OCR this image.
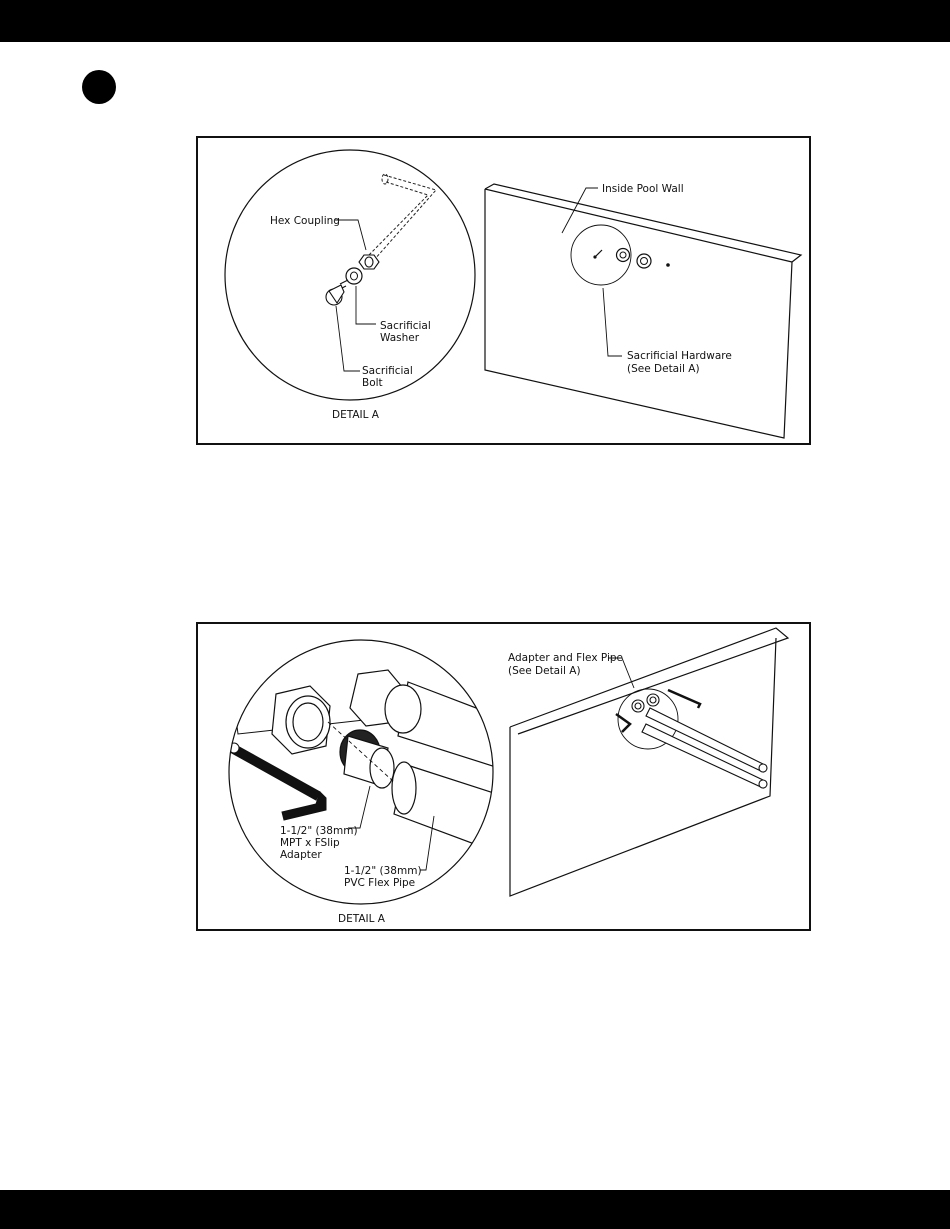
Hex Coupling
Sacrificial
Washer
Sacrificial
Bolt
DETAIL A
Inside Pool Wall
Sacrificial Hardware
(See Detail A)
1-1/2" (38mm)
MPT x FSlip
Adapter
1-1/2" (38mm)
PVC Flex Pipe
DETAIL A
Adapter and Flex Pipe
(See Detail A)
